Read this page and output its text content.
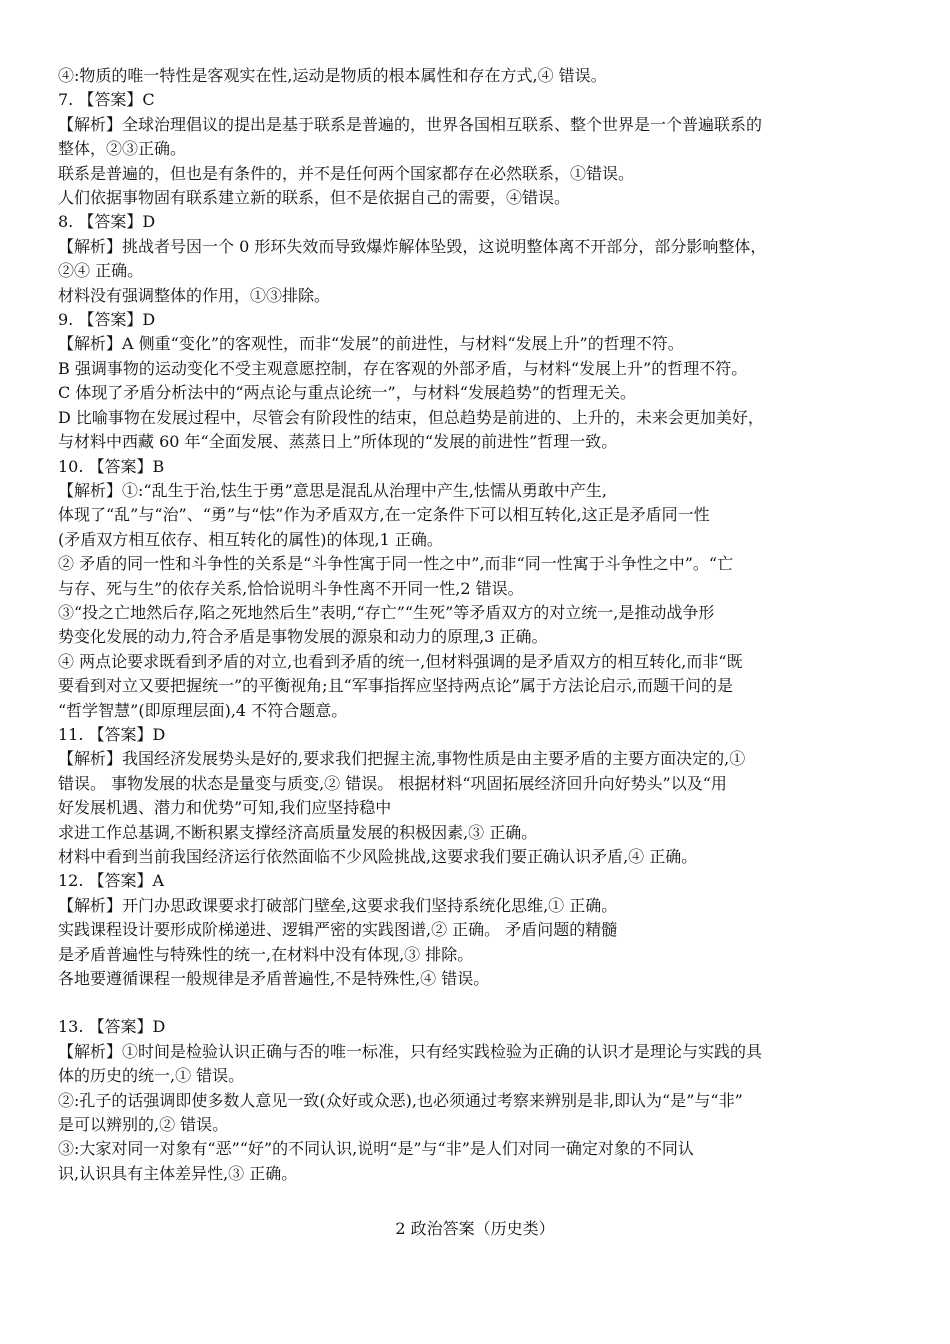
④:物质的唯一特性是客观实在性,运动是物质的根本属性和存在方式,④ 错误。
7. 【答案】C
【解析】全球治理倡议的提出是基于联系是普遍的，世界各国相互联系、整个世界是一个普遍联系的
整体，②③正确。
联系是普遍的，但也是有条件的，并不是任何两个国家都存在必然联系，①错误。
人们依据事物固有联系建立新的联系，但不是依据自己的需要，④错误。
8. 【答案】D
【解析】挑战者号因一个 0 形环失效而导致爆炸解体坠毁，这说明整体离不开部分，部分影响整体，
②④ 正确。
材料没有强调整体的作用，①③排除。
9. 【答案】D
【解析】A 侧重“变化”的客观性，而非“发展”的前进性，与材料“发展上升”的哲理不符。
B 强调事物的运动变化不受主观意愿控制，存在客观的外部矛盾，与材料“发展上升”的哲理不符。
C 体现了矛盾分析法中的“两点论与重点论统一”，与材料“发展趋势”的哲理无关。
D 比喻事物在发展过程中，尽管会有阶段性的结束，但总趋势是前进的、上升的，未来会更加美好，
与材料中西藏 60 年“全面发展、蒸蒸日上”所体现的“发展的前进性”哲理一致。
10. 【答案】B
【解析】①:“乱生于治,怯生于勇”意思是混乱从治理中产生,怯懦从勇敢中产生,
体现了“乱”与“治”、“勇”与“怯”作为矛盾双方,在一定条件下可以相互转化,这正是矛盾同一性
(矛盾双方相互依存、相互转化的属性)的体现,1 正确。
② 矛盾的同一性和斗争性的关系是“斗争性寓于同一性之中”,而非“同一性寓于斗争性之中”。“亡
与存、死与生”的依存关系,恰恰说明斗争性离不开同一性,2 错误。
③“投之亡地然后存,陷之死地然后生”表明,“存亡”“生死”等矛盾双方的对立统一,是推动战争形
势变化发展的动力,符合矛盾是事物发展的源泉和动力的原理,3 正确。
④ 两点论要求既看到矛盾的对立,也看到矛盾的统一,但材料强调的是矛盾双方的相互转化,而非“既
要看到对立又要把握统一”的平衡视角;且“军事指挥应坚持两点论”属于方法论启示,而题干问的是
“哲学智慧”(即原理层面),4 不符合题意。
11. 【答案】D
【解析】我国经济发展势头是好的,要求我们把握主流,事物性质是由主要矛盾的主要方面决定的,①
错误。 事物发展的状态是量变与质变,② 错误。 根据材料“巩固拓展经济回升向好势头”以及“用
好发展机遇、潜力和优势”可知,我们应坚持稳中
求进工作总基调,不断积累支撑经济高质量发展的积极因素,③ 正确。
材料中看到当前我国经济运行依然面临不少风险挑战,这要求我们要正确认识矛盾,④ 正确。
12. 【答案】A
【解析】开门办思政课要求打破部门壁垒,这要求我们坚持系统化思维,① 正确。
实践课程设计要形成阶梯递进、逻辑严密的实践图谱,② 正确。 矛盾问题的精髓
是矛盾普遍性与特殊性的统一,在材料中没有体现,③ 排除。
各地要遵循课程一般规律是矛盾普遍性,不是特殊性,④ 错误。
13. 【答案】D
【解析】①时间是检验认识正确与否的唯一标准，只有经实践检验为正确的认识才是理论与实践的具
体的历史的统一,① 错误。
②:孔子的话强调即使多数人意见一致(众好或众恶),也必须通过考察来辨别是非,即认为“是”与“非”
是可以辨别的,② 错误。
③:大家对同一对象有“恶”“好”的不同认识,说明“是”与“非”是人们对同一确定对象的不同认
识,认识具有主体差异性,③ 正确。
2 政治答案（历史类）
